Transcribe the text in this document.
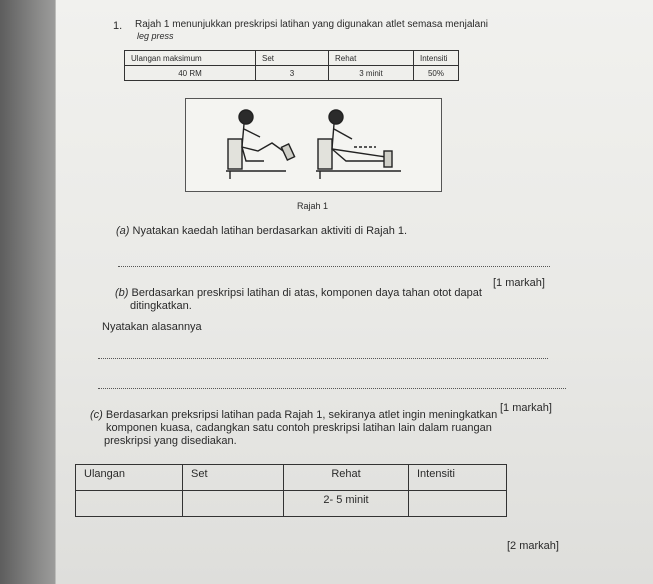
1. Rajah 1 menunjukkan preskripsi latihan yang digunakan atlet semasa menjalani
leg press
Ulangan maksimum	Set	Rehat	Intensiti
40 RM	3	3 minit	50%
Rajah 1
(a) Nyatakan kaedah latihan berdasarkan aktiviti di Rajah 1.
[1 markah]
(b) Berdasarkan preskripsi latihan di atas, komponen daya tahan otot dapat
ditingkatkan.
Nyatakan alasannya
[1 markah]
(c) Berdasarkan preksripsi latihan pada Rajah 1, sekiranya atlet ingin meningkatkan
komponen kuasa, cadangkan satu contoh preskripsi latihan lain dalam ruangan
preskripsi yang disediakan.
Ulangan	Set	Rehat	Intensiti
		2- 5 minit	
[2 markah]
